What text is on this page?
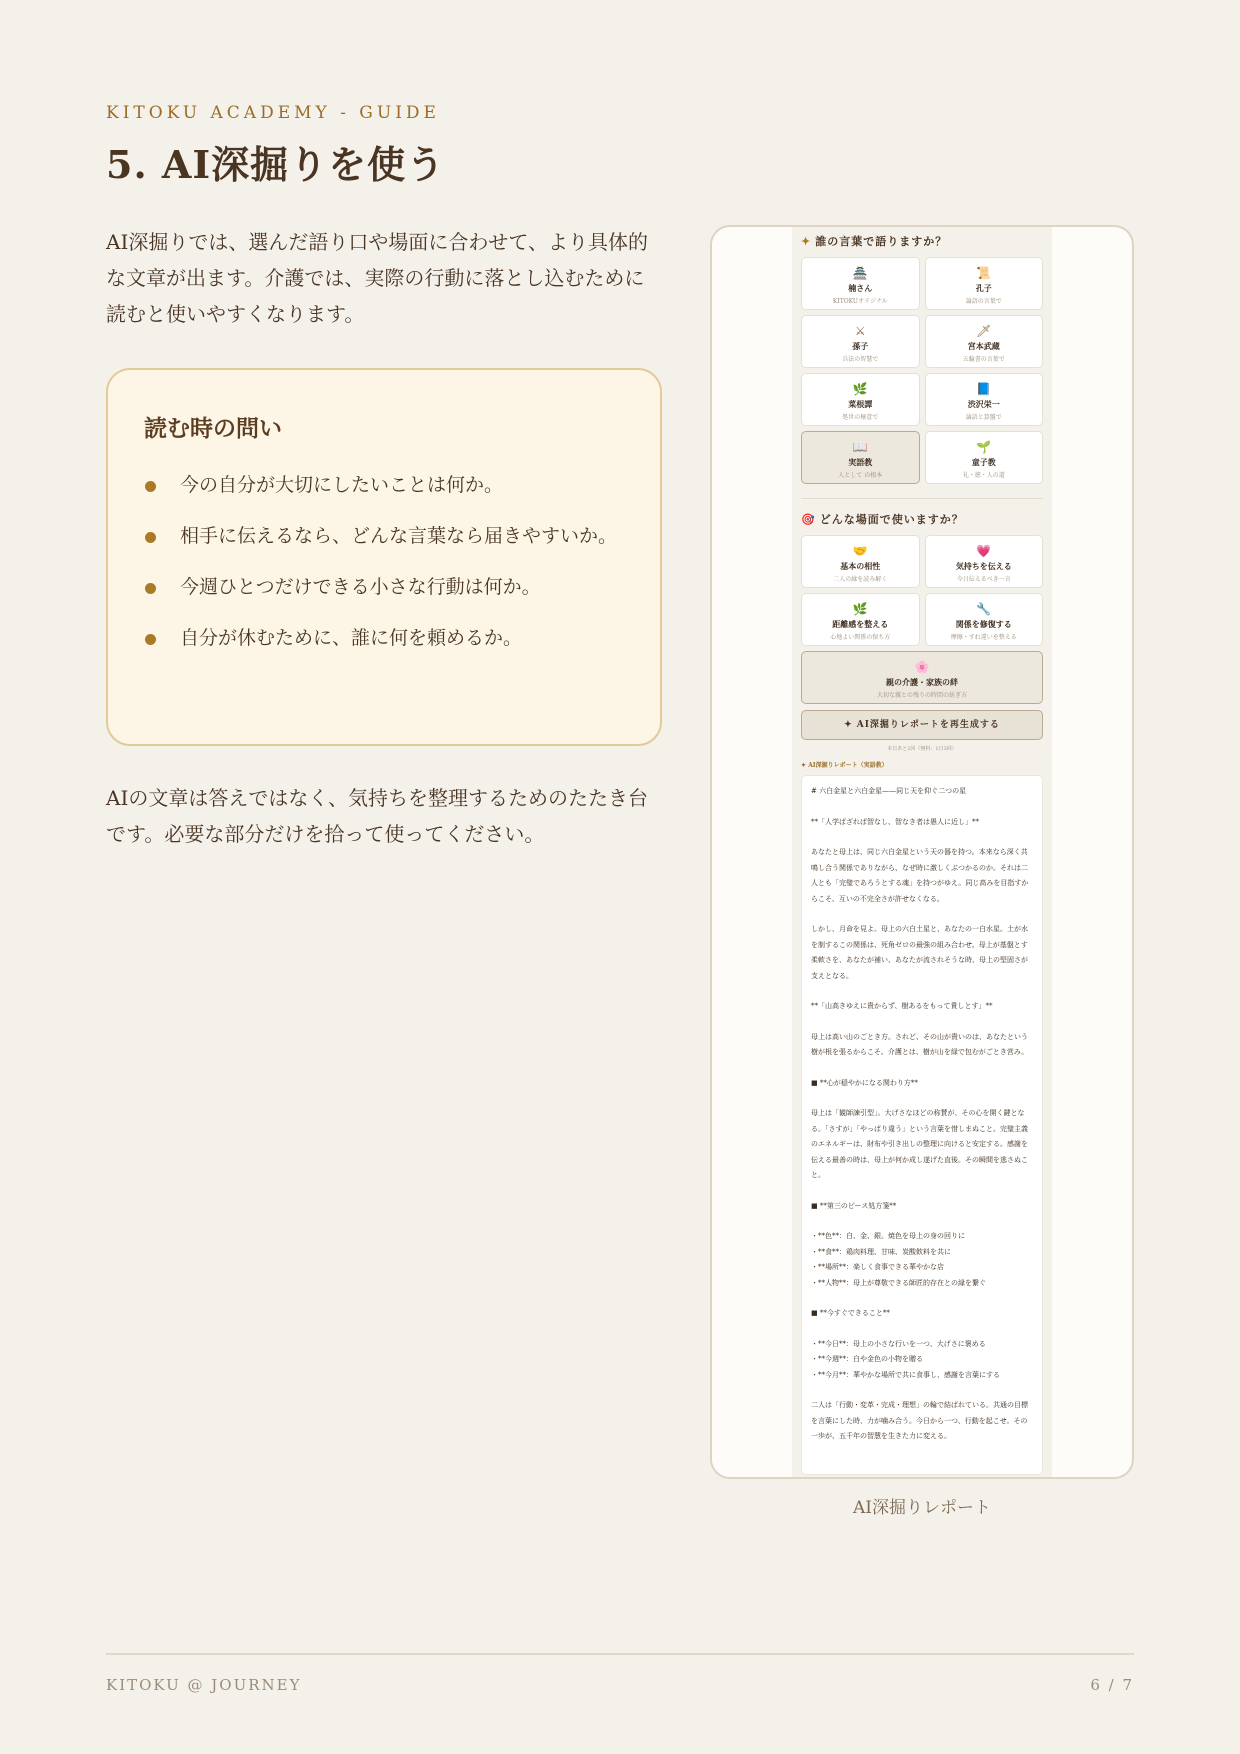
KITOKU ACADEMY - GUIDE
5. AI深掘りを使う

AI深掘りでは、選んだ語り口や場面に合わせて、より具体的な文章が出ます。介護では、実際の行動に落とし込むために読むと使いやすくなります。

読む時の問い
今の自分が大切にしたいことは何か。
相手に伝えるなら、どんな言葉なら届きやすいか。
今週ひとつだけできる小さな行動は何か。
自分が休むために、誰に何を頼めるか。

AIの文章は答えではなく、気持ちを整理するためのたたき台です。必要な部分だけを拾って使ってください。

✦ 誰の言葉で語りますか？
🏯
楠さん
KITOKUオリジナル
📜
孔子
論語の言葉で
⚔
孫子
兵法の智慧で
🗡
宮本武蔵
五輪書の言葉で
🌿
菜根譚
処世の極意で
📘
渋沢栄一
論語と算盤で
📖
実語教
人として の根本
🌱
童子教
礼・徳・人の道
🎯 どんな場面で使いますか？
🤝
基本の相性
二人の縁を読み解く
💗
気持ちを伝える
今日伝えるべき一言
🌿
距離感を整える
心地よい関係の保ち方
🔧
関係を修復する
摩擦・すれ違いを整える
🌸
親の介護・家族の絆
大切な親との残りの時間の紡ぎ方
✦ AI深掘りレポートを再生成する
本日あと2回（無料：1日3回）
✦ AI深掘りレポート（実語教）

# 六白金星と六白金星——同じ天を仰ぐ二つの星

**「人学ばざれば智なし、智なき者は愚人に近し」**

あなたと母上は、同じ六白金星という天の器を持つ。本来なら深く共鳴し合う関係でありながら、なぜ時に激しくぶつかるのか。それは二人とも「完璧であろうとする魂」を持つがゆえ。同じ高みを目指すからこそ、互いの不完全さが許せなくなる。

しかし、月命を見よ。母上の六白土星と、あなたの一白水星。土が水を制するこの関係は、死角ゼロの最強の組み合わせ。母上が基盤とす柔軟さを、あなたが補い、あなたが流されそうな時、母上の堅固さが支えとなる。

**「山高きゆえに貴からず、樹あるをもって貴しとす」**

母上は高い山のごとき方。されど、その山が貴いのは、あなたという樹が根を張るからこそ。介護とは、樹が山を緑で包むがごとき営み。

■ **心が穏やかになる関わり方**

母上は「観師諫引型」。大げさなほどの称賛が、その心を開く鍵となる。「さすが」「やっぱり違う」という言葉を惜しまぬこと。完璧主義のエネルギーは、財布や引き出しの整理に向けると安定する。感謝を伝える最善の時は、母上が何か成し遂げた直後。その瞬間を逃さぬこと。

■ **第三のピース処方箋**

・**色**：白、金、銀。焼色を母上の身の回りに
・**食**：鶏肉料理、甘味、炭酸飲料を共に
・**場所**：楽しく食事できる華やかな店
・**人物**：母上が尊敬できる師匠的存在との縁を繋ぐ

■ **今すぐできること**

・**今日**：母上の小さな行いを一つ、大げさに褒める
・**今週**：白や金色の小物を贈る
・**今月**：華やかな場所で共に食事し、感謝を言葉にする

二人は「行動・変革・完成・理想」の輪で結ばれている。共通の目標を言葉にした時、力が噛み合う。今日から一つ、行動を起こせ。その一歩が、五千年の智慧を生きた力に変える。

AI深掘りレポート
KITOKU @ JOURNEY	6 / 7
